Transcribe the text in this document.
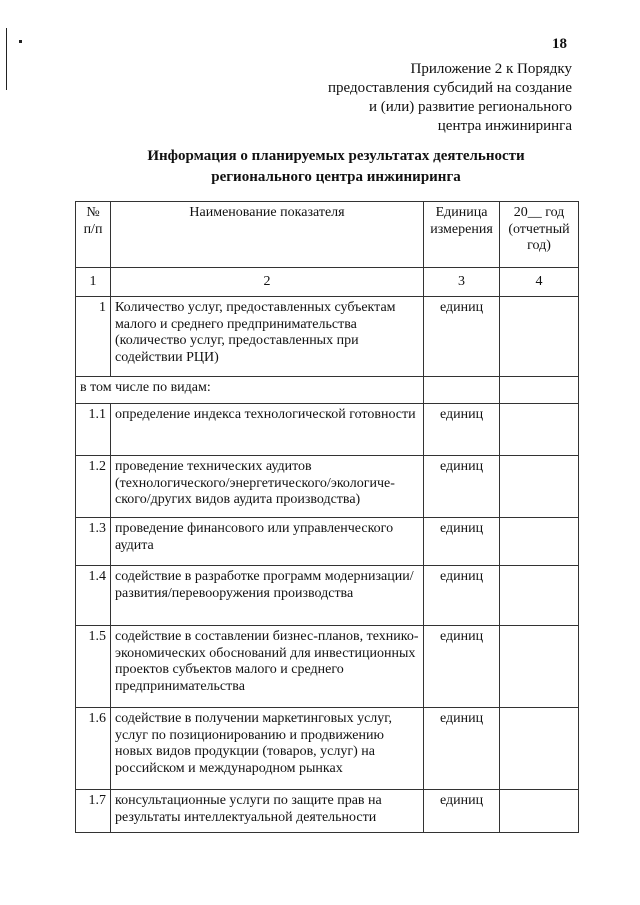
18
Приложение 2 к Порядку
предоставления субсидий на создание
и (или) развитие регионального
центра инжиниринга
Информация о планируемых результатах деятельности
регионального центра инжиниринга
№ п/п	Наименование показателя	Единица измерения	20__ год (отчетный год)
1	2	3	4
1	Количество услуг, предоставленных субъектам малого и среднего предпринимательства (количество услуг, предоставленных при содействии РЦИ)	единиц	
в том числе по видам:			
1.1	определение индекса технологической готовности	единиц	
1.2	проведение технических аудитов (технологического/энергетического/экологиче-ского/других видов аудита производства)	единиц	
1.3	проведение финансового или управленческого аудита	единиц	
1.4	содействие в разработке программ модернизации/развития/перевооружения производства	единиц	
1.5	содействие в составлении бизнес-планов, технико-экономических обоснований для инвестиционных проектов субъектов малого и среднего предпринимательства	единиц	
1.6	содействие в получении маркетинговых услуг, услуг по позиционированию и продвижению новых видов продукции (товаров, услуг) на российском и международном рынках	единиц	
1.7	консультационные услуги по защите прав на результаты интеллектуальной деятельности	единиц	
